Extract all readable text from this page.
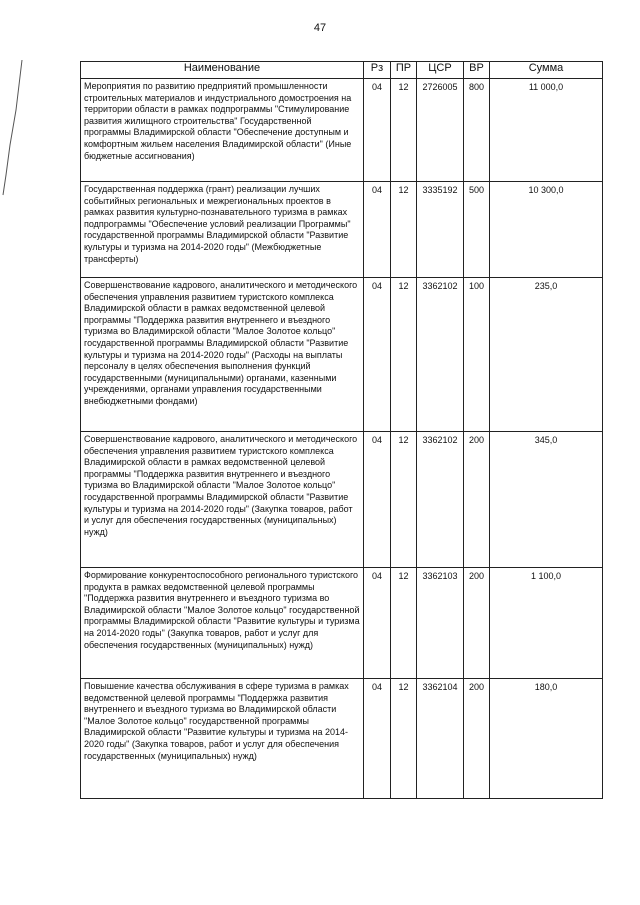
47
Наименование	Рз	ПР	ЦСР	ВР	Сумма
Мероприятия по развитию предприятий промышленности строительных материалов и индустриального домостроения на территории области в рамках подпрограммы "Стимулирование развития жилищного строительства" Государственной программы Владимирской области "Обеспечение доступным и комфортным жильем населения Владимирской области" (Иные бюджетные ассигнования)	04	12	2726005	800	11 000,0
Государственная поддержка (грант) реализации лучших событийных региональных и межрегиональных проектов в рамках развития культурно-познавательного туризма в рамках подпрограммы "Обеспечение условий реализации Программы" государственной программы Владимирской области "Развитие культуры и туризма на 2014-2020 годы" (Межбюджетные трансферты)	04	12	3335192	500	10 300,0
Совершенствование кадрового, аналитического и методического обеспечения управления развитием туристского комплекса Владимирской области в рамках ведомственной целевой программы "Поддержка развития внутреннего и въездного туризма во Владимирской области "Малое Золотое кольцо" государственной программы Владимирской области "Развитие культуры и туризма на 2014-2020 годы" (Расходы на выплаты персоналу в целях обеспечения выполнения функций государственными (муниципальными) органами, казенными учреждениями, органами управления государственными внебюджетными фондами)	04	12	3362102	100	235,0
Совершенствование кадрового, аналитического и методического обеспечения управления развитием туристского комплекса Владимирской области в рамках ведомственной целевой программы "Поддержка развития внутреннего и въездного туризма во Владимирской области "Малое Золотое кольцо" государственной программы Владимирской области "Развитие культуры и туризма на 2014-2020 годы" (Закупка товаров, работ и услуг для обеспечения государственных (муниципальных) нужд)	04	12	3362102	200	345,0
Формирование конкурентоспособного регионального туристского продукта в рамках ведомственной целевой программы "Поддержка развития внутреннего и въездного туризма во Владимирской области "Малое Золотое кольцо" государственной программы Владимирской области "Развитие культуры и туризма на 2014-2020 годы" (Закупка товаров, работ и услуг для обеспечения государственных (муниципальных) нужд)	04	12	3362103	200	1 100,0
Повышение качества обслуживания в сфере туризма в рамках ведомственной целевой программы "Поддержка развития внутреннего и въездного туризма во Владимирской области "Малое Золотое кольцо" государственной программы Владимирской области "Развитие культуры и туризма на 2014-2020 годы" (Закупка товаров, работ и услуг для обеспечения государственных (муниципальных) нужд)	04	12	3362104	200	180,0
